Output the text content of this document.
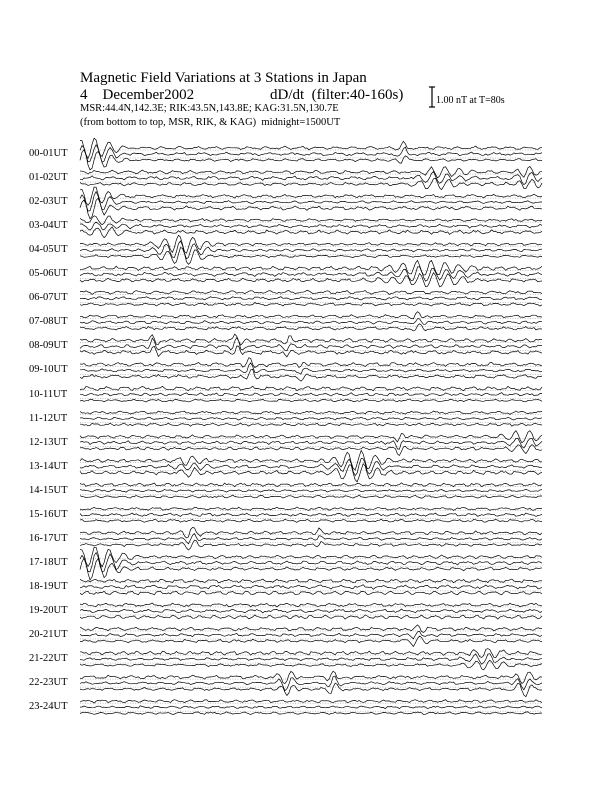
Magnetic Field Variations at 3 Stations in Japan
4 December2002	dD/dt (filter:40-160s)
MSR:44.4N,142.3E; RIK:43.5N,143.8E; KAG:31.5N,130.7E
(from bottom to top, MSR, RIK, & KAG) midnight=1500UT
1.00 nT at T=80s
00-01UT
01-02UT
02-03UT
03-04UT
04-05UT
05-06UT
06-07UT
07-08UT
08-09UT
09-10UT
10-11UT
11-12UT
12-13UT
13-14UT
14-15UT
15-16UT
16-17UT
17-18UT
18-19UT
19-20UT
20-21UT
21-22UT
22-23UT
23-24UT
